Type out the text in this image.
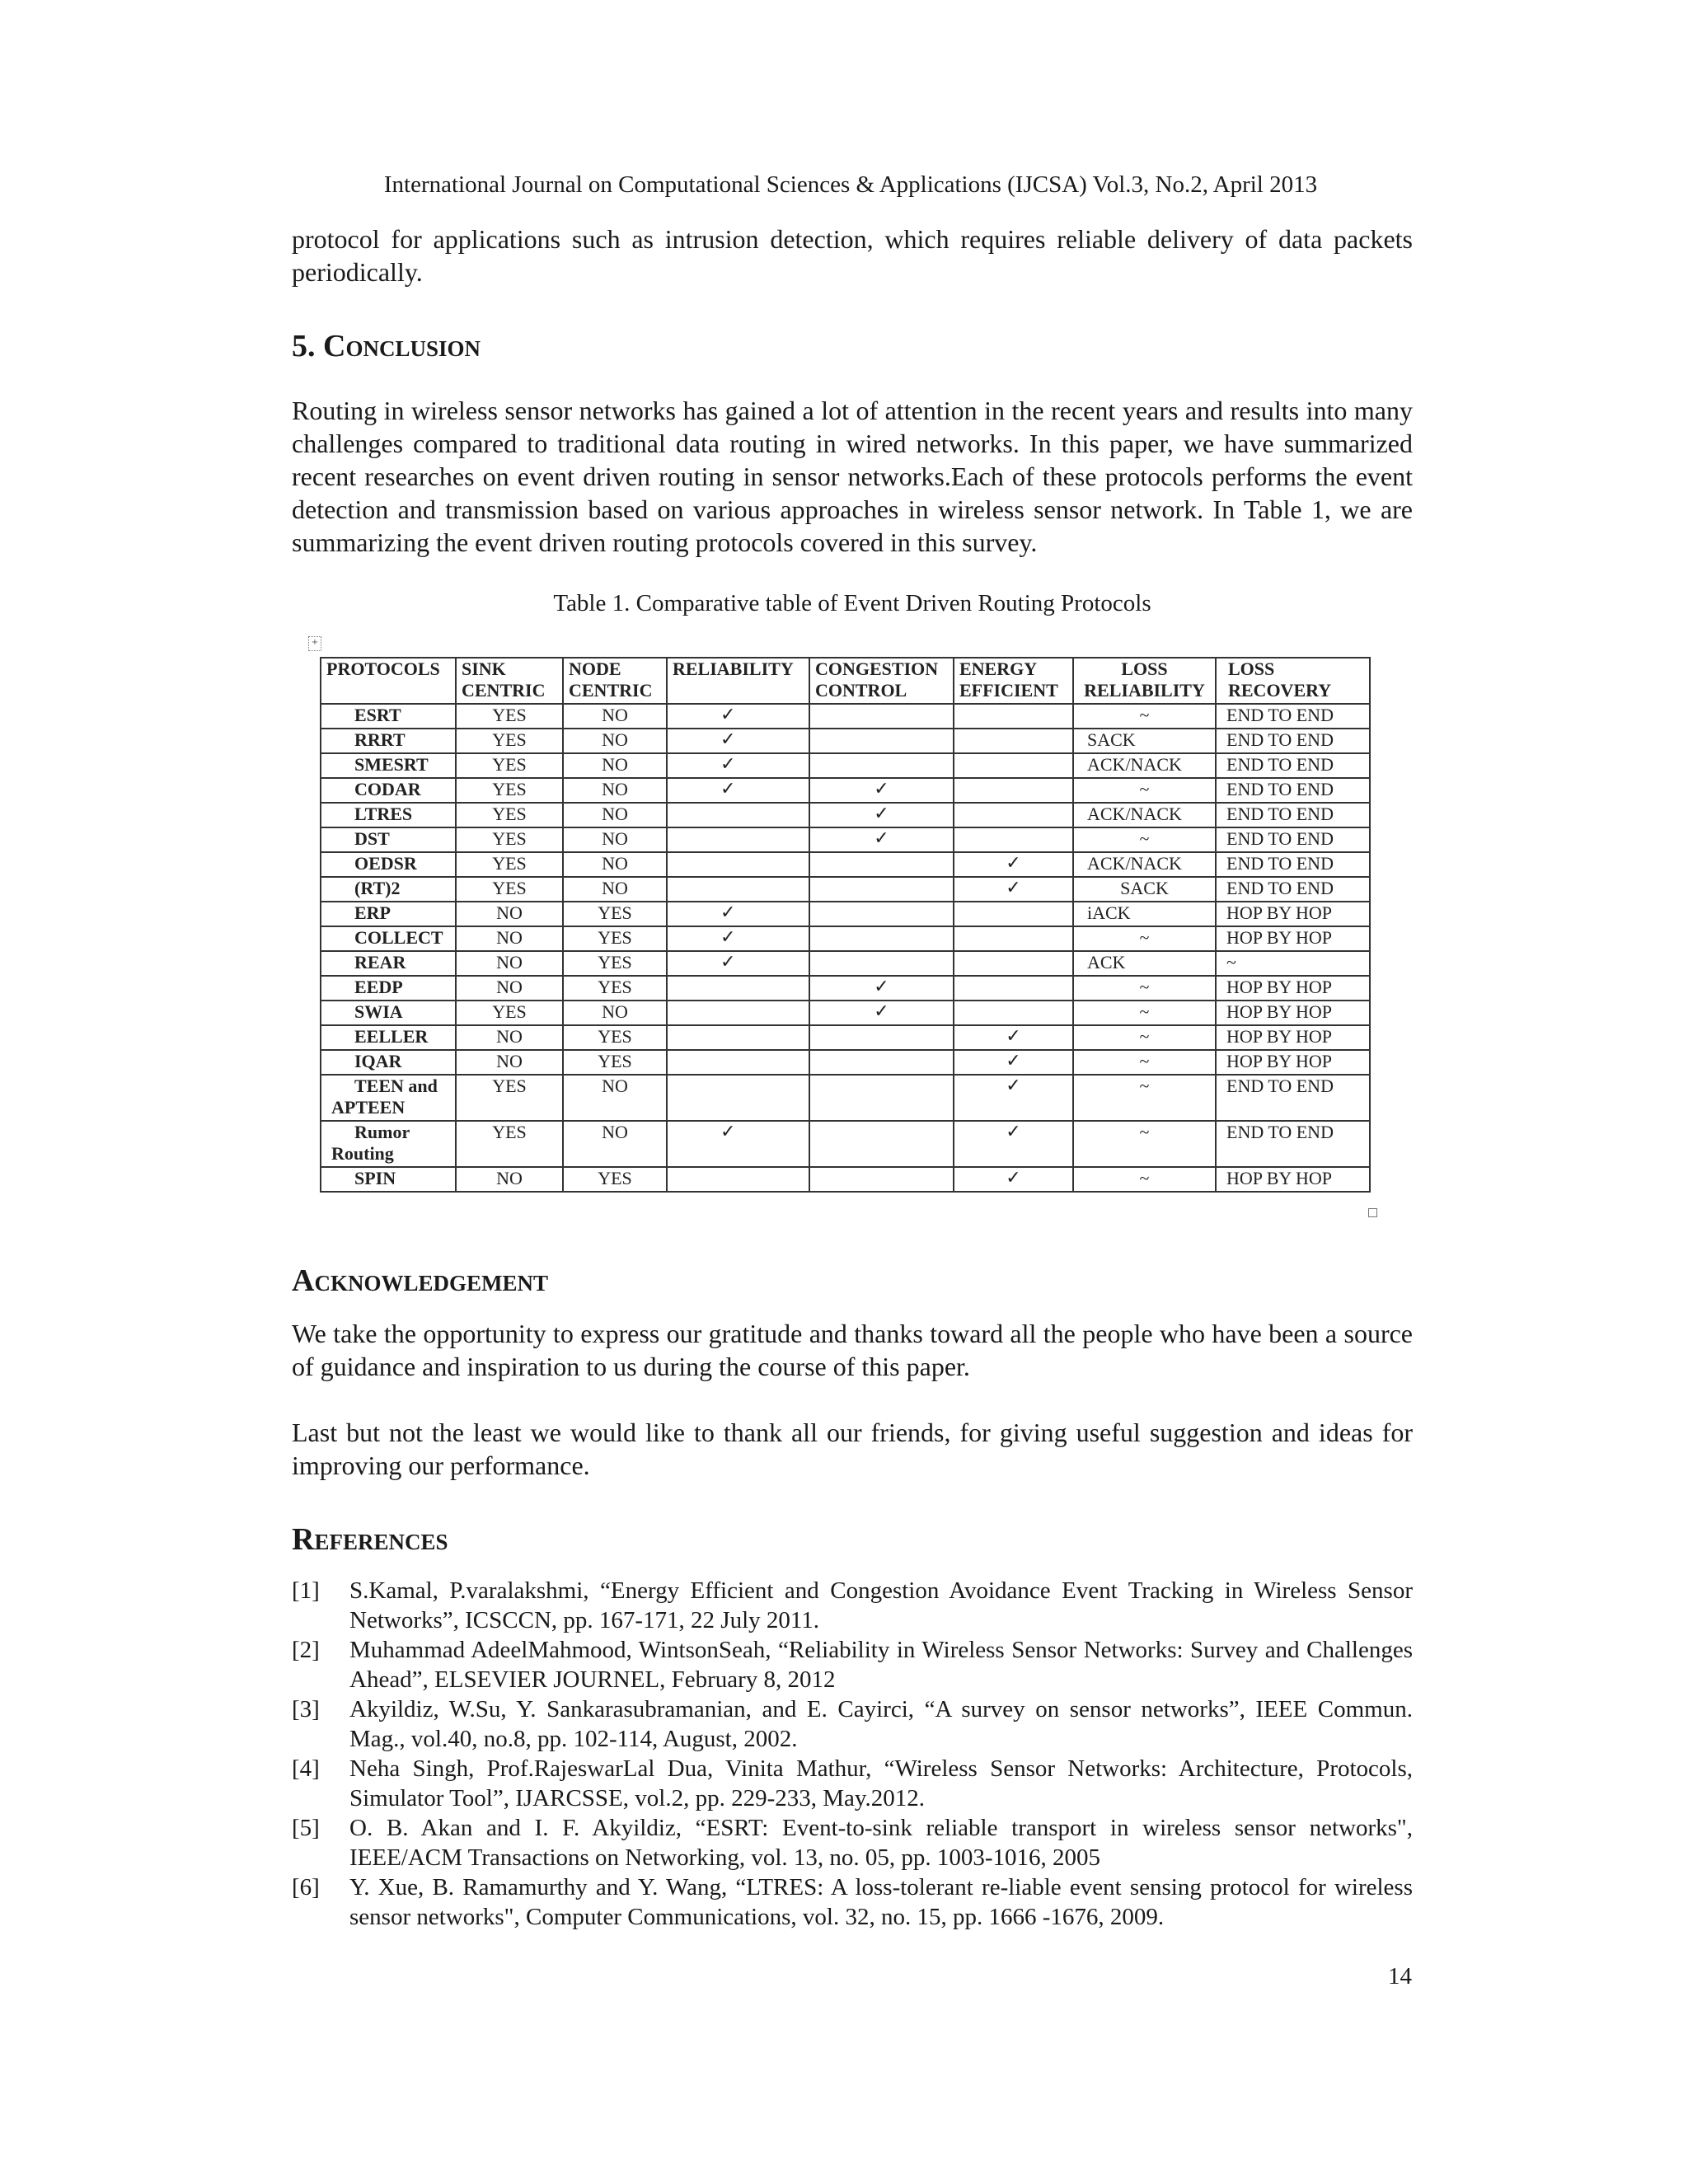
International Journal on Computational Sciences & Applications (IJCSA) Vol.3, No.2, April 2013
protocol for applications such as intrusion detection, which requires reliable delivery of data packets periodically.
5. Conclusion
Routing in wireless sensor networks has gained a lot of attention in the recent years and results into many challenges compared to traditional data routing in wired networks. In this paper, we have summarized recent researches on event driven routing in sensor networks.Each of these protocols performs the event detection and transmission based on various approaches in wireless sensor network. In Table 1, we are summarizing the event driven routing protocols covered in this survey.
Table 1. Comparative table of Event Driven Routing Protocols
+
PROTOCOLS	SINK CENTRIC	NODE CENTRIC	RELIABILITY	CONGESTION CONTROL	ENERGY EFFICIENT	LOSS RELIABILITY	LOSS RECOVERY
ESRT	YES	NO	✓			~	END TO END
RRRT	YES	NO	✓			SACK	END TO END
SMESRT	YES	NO	✓			ACK/NACK	END TO END
CODAR	YES	NO	✓	✓		~	END TO END
LTRES	YES	NO		✓		ACK/NACK	END TO END
DST	YES	NO		✓		~	END TO END
OEDSR	YES	NO			✓	ACK/NACK	END TO END
(RT)2	YES	NO			✓	SACK	END TO END
ERP	NO	YES	✓			iACK	HOP BY HOP
COLLECT	NO	YES	✓			~	HOP BY HOP
REAR	NO	YES	✓			ACK	~
EEDP	NO	YES		✓		~	HOP BY HOP
SWIA	YES	NO		✓		~	HOP BY HOP
EELLER	NO	YES			✓	~	HOP BY HOP
IQAR	NO	YES			✓	~	HOP BY HOP
TEEN and APTEEN	YES	NO			✓	~	END TO END
Rumor Routing	YES	NO	✓		✓	~	END TO END
SPIN	NO	YES			✓	~	HOP BY HOP
Acknowledgement
We take the opportunity to express our gratitude and thanks toward all the people who have been a source of guidance and inspiration to us during the course of this paper.
Last but not the least we would like to thank all our friends, for giving useful suggestion and ideas for improving our performance.
References
[1]	S.Kamal, P.varalakshmi, “Energy Efficient and Congestion Avoidance Event Tracking in Wireless Sensor Networks”, ICSCCN, pp. 167-171, 22 July 2011.
[2]	Muhammad AdeelMahmood, WintsonSeah, “Reliability in Wireless Sensor Networks: Survey and Challenges Ahead”, ELSEVIER JOURNEL, February 8, 2012
[3]	Akyildiz, W.Su, Y. Sankarasubramanian, and E. Cayirci, “A survey on sensor networks”, IEEE Commun. Mag., vol.40, no.8, pp. 102-114, August, 2002.
[4]	Neha Singh, Prof.RajeswarLal Dua, Vinita Mathur, “Wireless Sensor Networks: Architecture, Protocols, Simulator Tool”, IJARCSSE, vol.2, pp. 229-233, May.2012.
[5]	O. B. Akan and I. F. Akyildiz, “ESRT: Event-to-sink reliable transport in wireless sensor networks", IEEE/ACM Transactions on Networking, vol. 13, no. 05, pp. 1003-1016, 2005
[6]	Y. Xue, B. Ramamurthy and Y. Wang, “LTRES: A loss-tolerant re-liable event sensing protocol for wireless sensor networks", Computer Communications, vol. 32, no. 15, pp. 1666 -1676, 2009.
14
